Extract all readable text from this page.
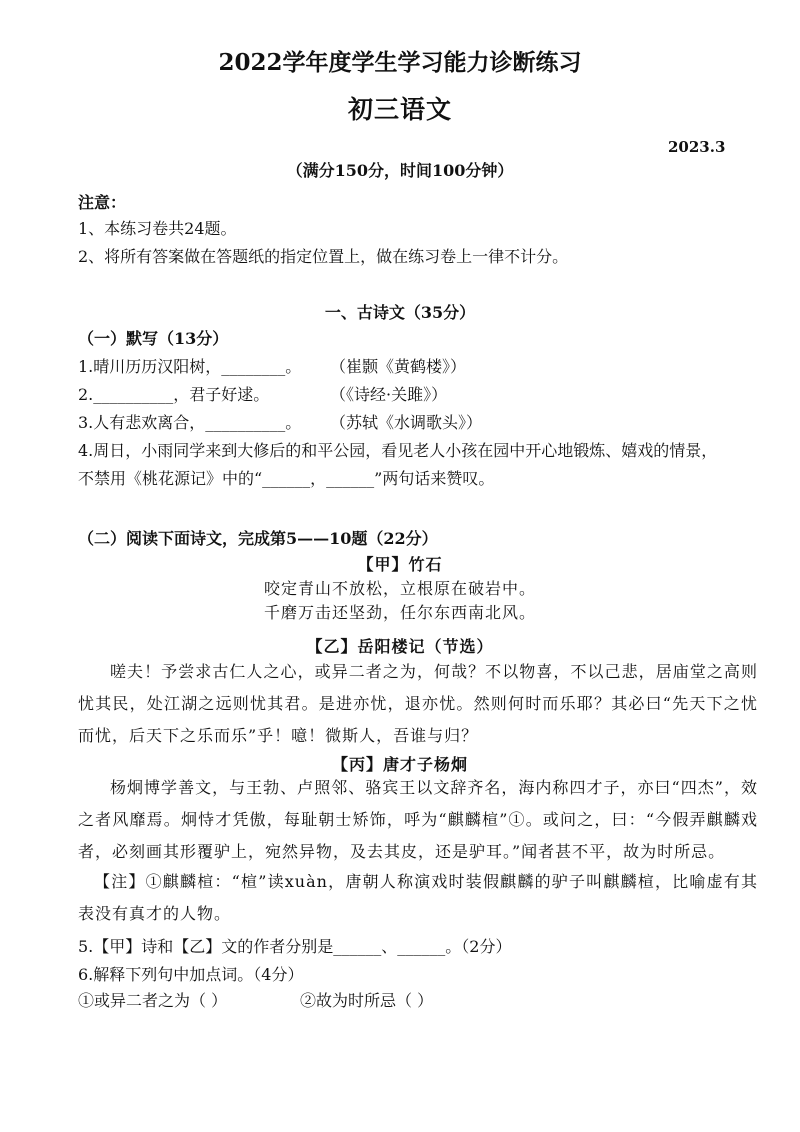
2022学年度学生学习能力诊断练习
初三语文
2023.3
（满分150分，时间100分钟）
注意：
1、本练习卷共24题。
2、将所有答案做在答题纸的指定位置上，做在练习卷上一律不计分。
一、古诗文（35分）
（一）默写（13分）
1.晴川历历汉阳树，________。 （崔颢《黄鹤楼》）
2.__________，君子好逑。	（《诗经·关雎》）
3.人有悲欢离合，__________。 （苏轼《水调歌头》）
4.周日，小雨同学来到大修后的和平公园，看见老人小孩在园中开心地锻炼、嬉戏的情景，
不禁用《桃花源记》中的“______，______”两句话来赞叹。
（二）阅读下面诗文，完成第5——10题（22分）
【甲】竹石
咬定青山不放松，立根原在破岩中。
千磨万击还坚劲，任尔东西南北风。
【乙】岳阳楼记（节选）
嗟夫！予尝求古仁人之心，或异二者之为，何哉？不以物喜，不以己悲，居庙堂之高则忧其民，处江湖之远则忧其君。是进亦忧，退亦忧。然则何时而乐耶？其必曰“先天下之忧而忧，后天下之乐而乐”乎！噫！微斯人，吾谁与归？
【丙】唐才子杨炯
杨炯博学善文，与王勃、卢照邻、骆宾王以文辞齐名，海内称四才子，亦曰“四杰”，效之者风靡焉。炯恃才凭傲，每耻朝士矫饰，呼为“麒麟楦”①。或问之，曰：“今假弄麒麟戏者，必刻画其形覆驴上，宛然异物，及去其皮，还是驴耳。”闻者甚不平，故为时所忌。
【注】①麒麟楦：“楦”读xuàn，唐朝人称演戏时装假麒麟的驴子叫麒麟楦，比喻虚有其表没有真才的人物。
5.【甲】诗和【乙】文的作者分别是______、______。（2分）
6.解释下列句中加点词。（4分）
①或异二者之为（ ）	②故为时所忌（ ）
